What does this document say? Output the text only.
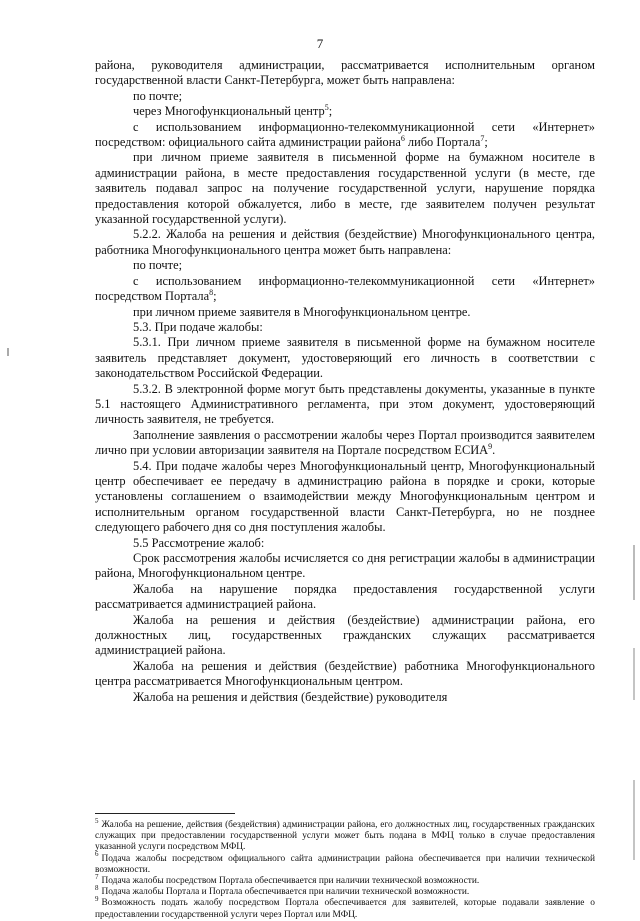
7

района, руководителя администрации, рассматривается исполнительным органом государственной власти Санкт-Петербурга, может быть направлена:

по почте;

через Многофункциональный центр$^5$;

с использованием информационно-телекоммуникационной сети «Интернет» посредством: официального сайта администрации района$^6$ либо Портала$^7$;

при личном приеме заявителя в письменной форме на бумажном носителе в администрации района, в месте предоставления государственной услуги (в месте, где заявитель подавал запрос на получение государственной услуги, нарушение порядка предоставления которой обжалуется, либо в месте, где заявителем получен результат указанной государственной услуги).

5.2.2. Жалоба на решения и действия (бездействие) Многофункционального центра, работника Многофункционального центра может быть направлена:

по почте;

с использованием информационно-телекоммуникационной сети «Интернет» посредством Портала$^8$;

при личном приеме заявителя в Многофункциональном центре.

5.3. При подаче жалобы:

5.3.1. При личном приеме заявителя в письменной форме на бумажном носителе заявитель представляет документ, удостоверяющий его личность в соответствии с законодательством Российской Федерации.

5.3.2. В электронной форме могут быть представлены документы, указанные в пункте 5.1 настоящего Административного регламента, при этом документ, удостоверяющий личность заявителя, не требуется.

Заполнение заявления о рассмотрении жалобы через Портал производится заявителем лично при условии авторизации заявителя на Портале посредством ЕСИА$^9$.

5.4. При подаче жалобы через Многофункциональный центр, Многофункциональный центр обеспечивает ее передачу в администрацию района в порядке и сроки, которые установлены соглашением о взаимодействии между Многофункциональным центром и исполнительным органом государственной власти Санкт-Петербурга, но не позднее следующего рабочего дня со дня поступления жалобы.

5.5 Рассмотрение жалоб:

Срок рассмотрения жалобы исчисляется со дня регистрации жалобы в администрации района, Многофункциональном центре.

Жалоба на нарушение порядка предоставления государственной услуги рассматривается администрацией района.

Жалоба на решения и действия (бездействие) администрации района, его должностных лиц, государственных гражданских служащих рассматривается администрацией района.

Жалоба на решения и действия (бездействие) работника Многофункционального центра рассматривается Многофункциональным центром.

Жалоба на решения и действия (бездействие) руководителя

$^5$ Жалоба на решение, действия (бездействия) администрации района, его должностных лиц, государственных гражданских служащих при предоставлении государственной услуги может быть подана в МФЦ только в случае предоставления указанной услуги посредством МФЦ.

$^6$ Подача жалобы посредством официального сайта администрации района обеспечивается при наличии технической возможности.

$^7$ Подача жалобы посредством Портала обеспечивается при наличии технической возможности.

$^8$ Подача жалобы Портала и Портала обеспечивается при наличии технической возможности.

$^9$ Возможность подать жалобу посредством Портала обеспечивается для заявителей, которые подавали заявление о предоставлении государственной услуги через Портал или МФЦ.
